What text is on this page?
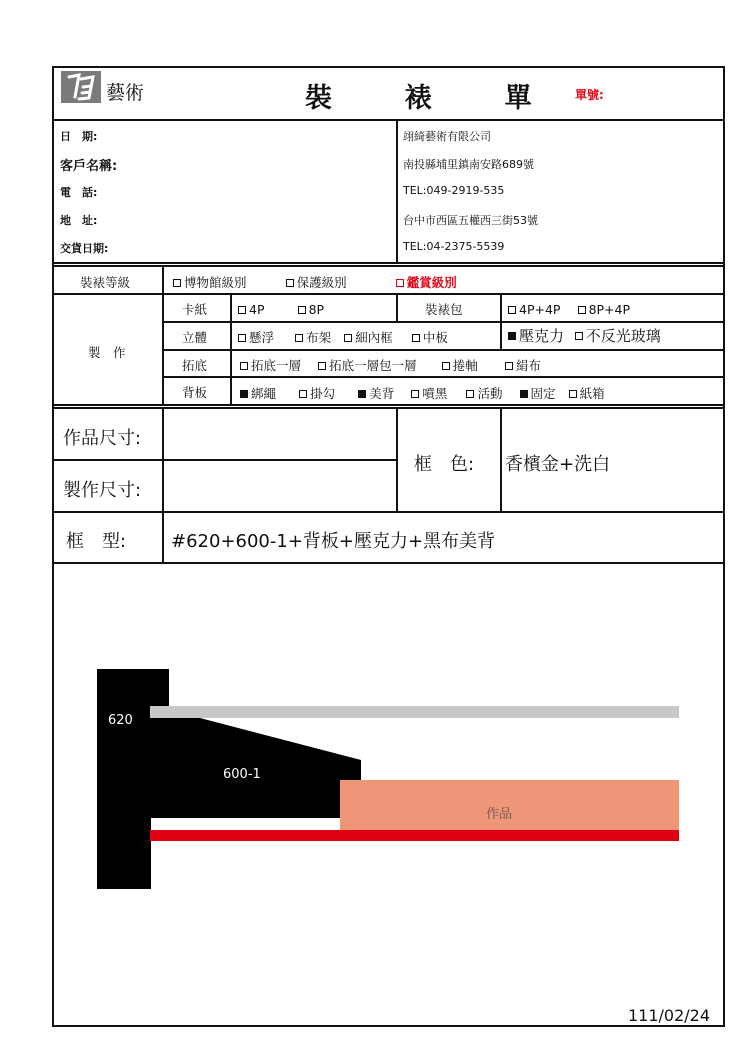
藝術	裝  裱  單 單號:
日　期:
客戶名稱:
電　話:
地　址:
交貨日期:
翊綺藝術有限公司
南投縣埔里鎮南安路689號
TEL:049-2919-535
台中市西區五權西三街53號
TEL:04-2375-5539
裝裱等級	博物館級別	保護級別	鑑賞級別
製　作
卡紙	4P	8P	裝裱包	4P+4P 8P+4P
立體	懸浮	布架 細內框 中板	壓克力 不反光玻璃
拓底	拓底一層 拓底一層包一層	捲軸	絹布
背板	綁繩	掛勾	美背 噴黑 活動 固定 紙箱
作品尺寸:
製作尺寸:
框　色: 香檳金+洗白
框　型: #620+600-1+背板+壓克力+黑布美背
620
600-1
作品
111/02/24
